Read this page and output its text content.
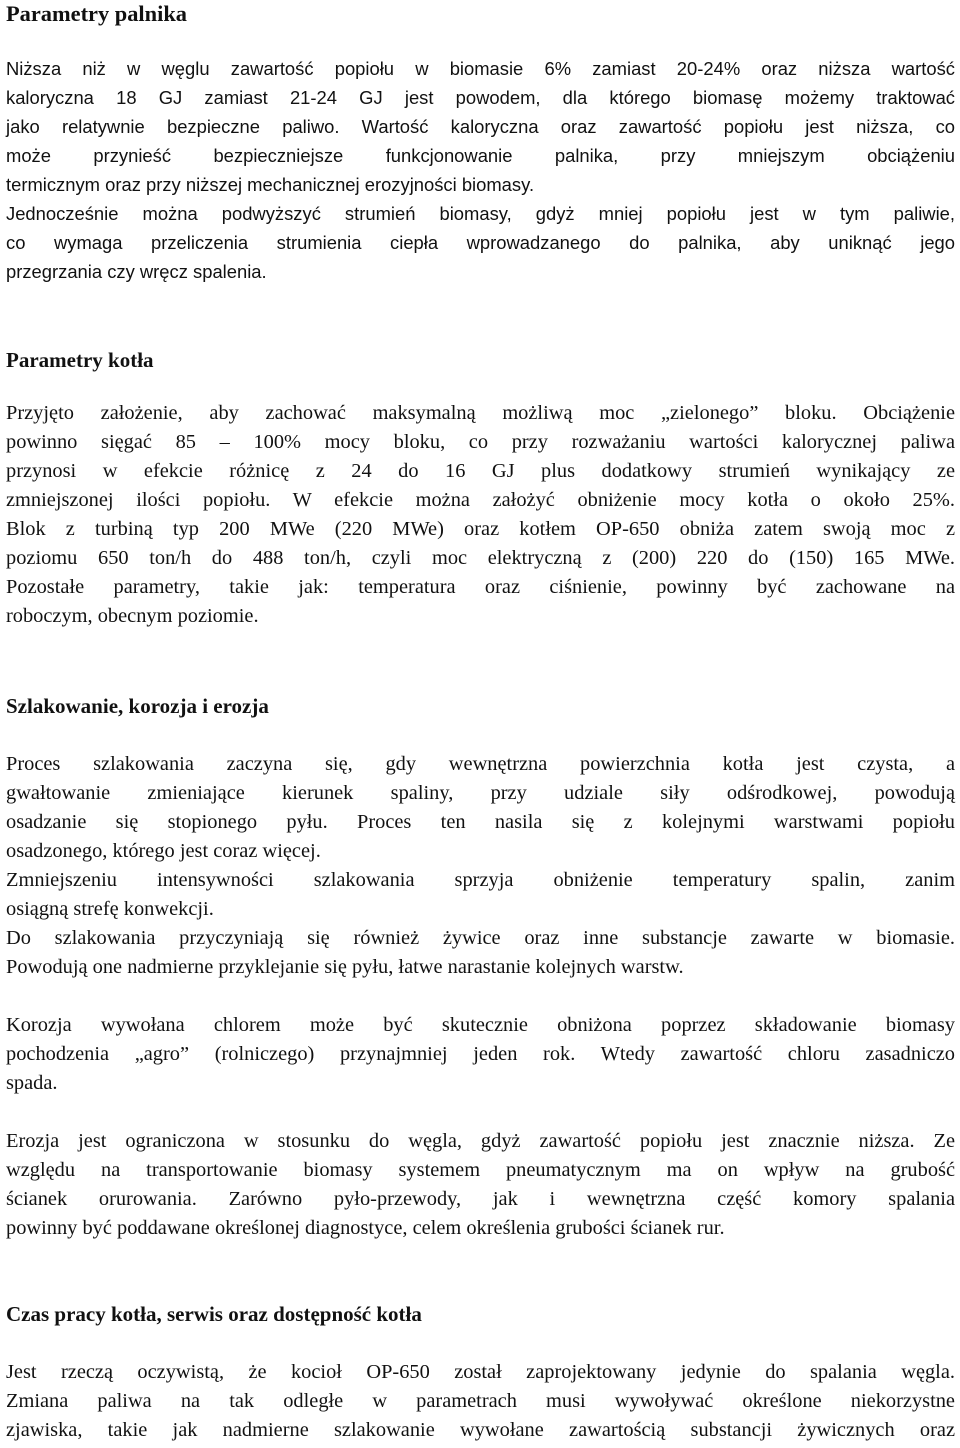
Parametry palnika

Niższa niż w węglu zawartość popiołu w biomasie 6% zamiast 20-24% oraz niższa wartość
kaloryczna 18 GJ zamiast 21-24 GJ jest powodem, dla którego biomasę możemy traktować
jako relatywnie bezpieczne paliwo. Wartość kaloryczna oraz zawartość popiołu jest niższa, co
może przynieść bezpieczniejsze funkcjonowanie palnika, przy mniejszym obciążeniu
termicznym oraz przy niższej mechanicznej erozyjności biomasy.
Jednocześnie można podwyższyć strumień biomasy, gdyż mniej popiołu jest w tym paliwie,
co wymaga przeliczenia strumienia ciepła wprowadzanego do palnika, aby uniknąć jego
przegrzania czy wręcz spalenia.

Parametry kotła

Przyjęto założenie, aby zachować maksymalną możliwą moc „zielonego” bloku. Obciążenie
powinno sięgać 85 – 100% mocy bloku, co przy rozważaniu wartości kalorycznej paliwa
przynosi w efekcie różnicę z 24 do 16 GJ plus dodatkowy strumień wynikający ze
zmniejszonej ilości popiołu. W efekcie można założyć obniżenie mocy kotła o około 25%.
Blok z turbiną typ 200 MWe (220 MWe) oraz kotłem OP-650 obniża zatem swoją moc z
poziomu 650 ton/h do 488 ton/h, czyli moc elektryczną z (200) 220 do (150) 165 MWe.
Pozostałe parametry, takie jak: temperatura oraz ciśnienie, powinny być zachowane na
roboczym, obecnym poziomie.

Szlakowanie, korozja i erozja

Proces szlakowania zaczyna się, gdy wewnętrzna powierzchnia kotła jest czysta, a
gwałtowanie zmieniające kierunek spaliny, przy udziale siły odśrodkowej, powodują
osadzanie się stopionego pyłu. Proces ten nasila się z kolejnymi warstwami popiołu
osadzonego, którego jest coraz więcej.
Zmniejszeniu intensywności szlakowania sprzyja obniżenie temperatury spalin, zanim
osiągną strefę konwekcji.
Do szlakowania przyczyniają się również żywice oraz inne substancje zawarte w biomasie.
Powodują one nadmierne przyklejanie się pyłu, łatwe narastanie kolejnych warstw.

Korozja wywołana chlorem może być skutecznie obniżona poprzez składowanie biomasy
pochodzenia „agro” (rolniczego) przynajmniej jeden rok. Wtedy zawartość chloru zasadniczo
spada.

Erozja jest ograniczona w stosunku do węgla, gdyż zawartość popiołu jest znacznie niższa. Ze
względu na transportowanie biomasy systemem pneumatycznym ma on wpływ na grubość
ścianek orurowania. Zarówno pyło-przewody, jak i wewnętrzna część komory spalania
powinny być poddawane określonej diagnostyce, celem określenia grubości ścianek rur.

Czas pracy kotła, serwis oraz dostępność kotła

Jest rzeczą oczywistą, że kocioł OP-650 został zaprojektowany jedynie do spalania węgla.
Zmiana paliwa na tak odległe w parametrach musi wywoływać określone niekorzystne
zjawiska, takie jak nadmierne szlakowanie wywołane zawartością substancji żywicznych oraz
